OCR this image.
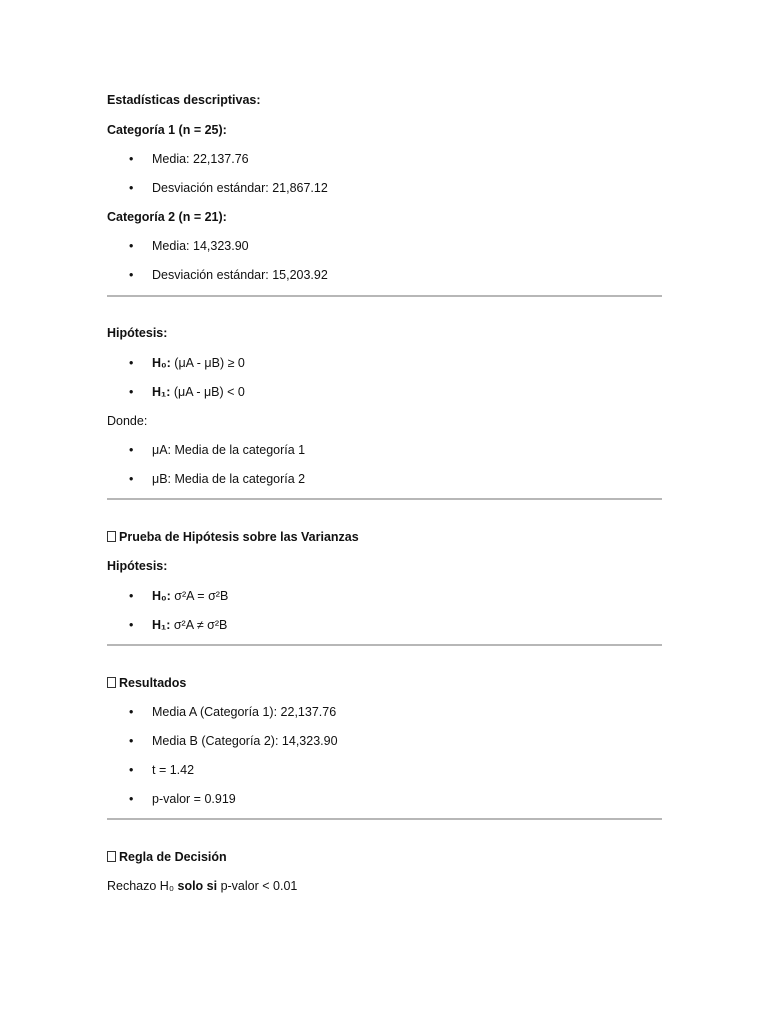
Estadísticas descriptivas:
Categoría 1 (n = 25):
• Media: 22,137.76
• Desviación estándar: 21,867.12
Categoría 2 (n = 21):
• Media: 14,323.90
• Desviación estándar: 15,203.92
Hipótesis:
• H₀: (μA - μB) ≥ 0
• H₁: (μA - μB) < 0
Donde:
• μA: Media de la categoría 1
• μB: Media de la categoría 2
Prueba de Hipótesis sobre las Varianzas
Hipótesis:
• H₀: σ²A = σ²B
• H₁: σ²A ≠ σ²B
Resultados
• Media A (Categoría 1): 22,137.76
• Media B (Categoría 2): 14,323.90
• t = 1.42
• p-valor = 0.919
Regla de Decisión
Rechazo H₀ solo si p-valor < 0.01
